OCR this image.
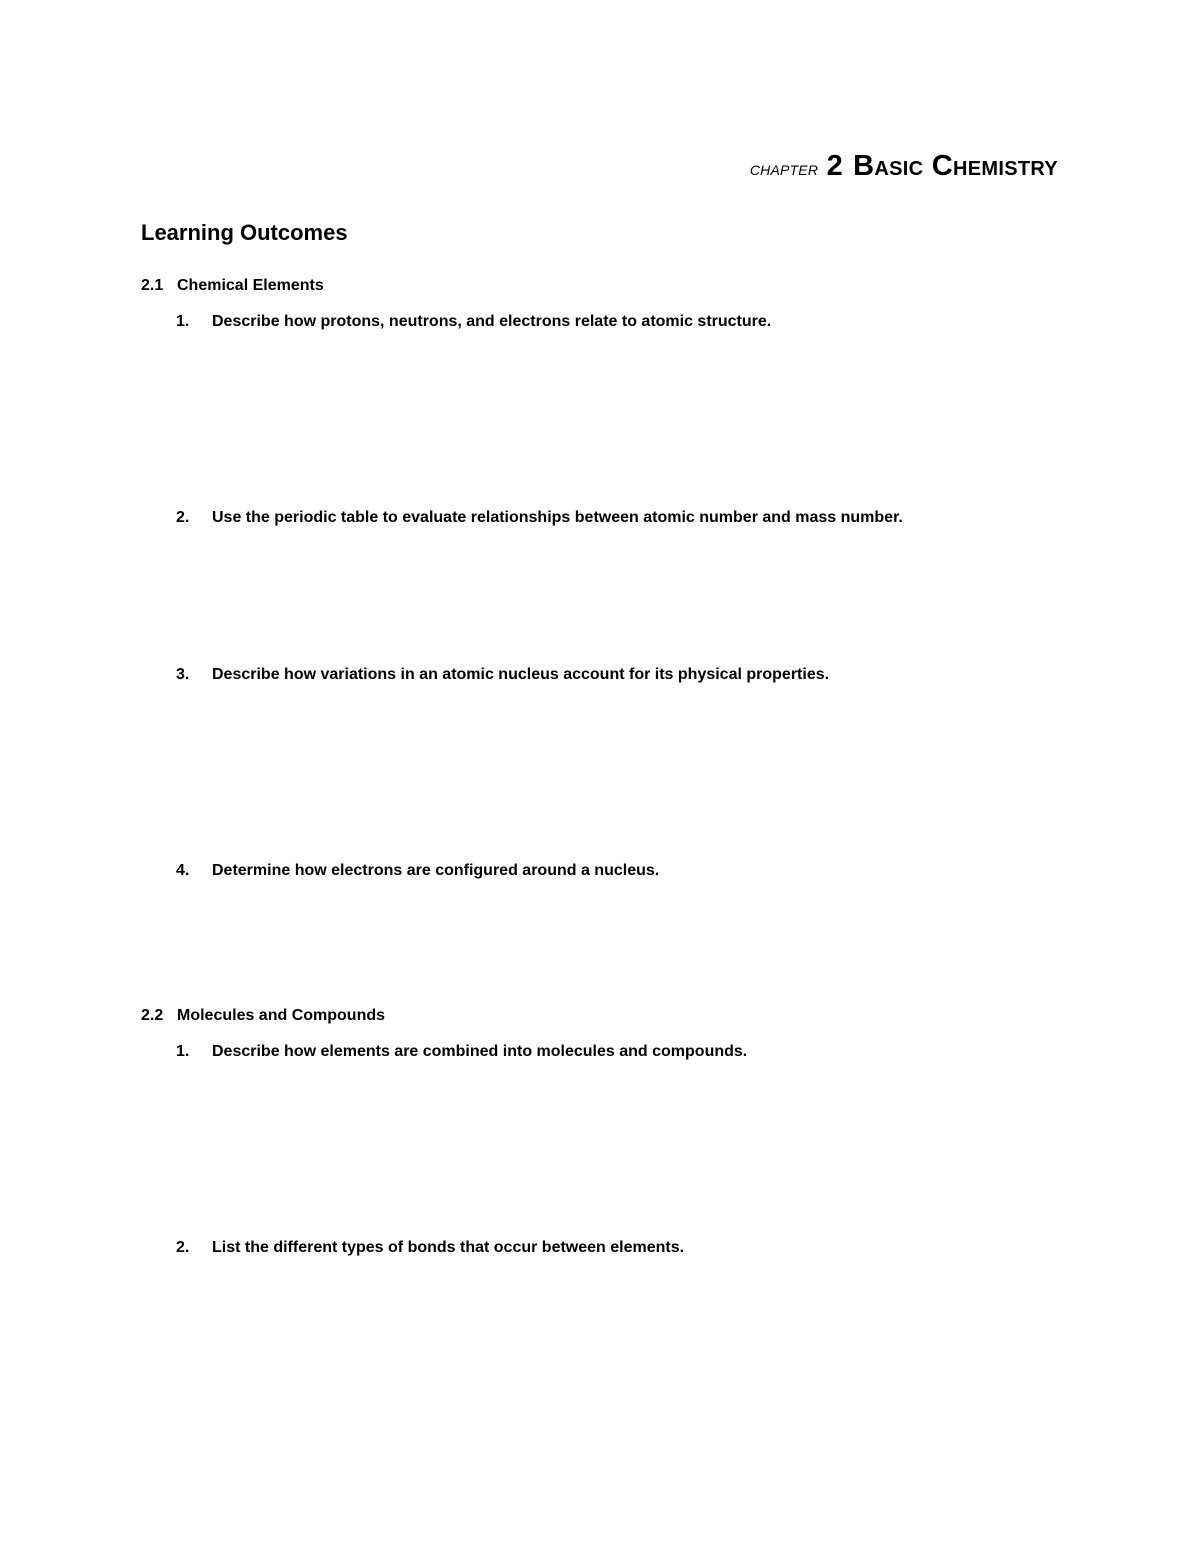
CHAPTER 2 Basic Chemistry
Learning Outcomes
2.1 Chemical Elements
1. Describe how protons, neutrons, and electrons relate to atomic structure.
2. Use the periodic table to evaluate relationships between atomic number and mass number.
3. Describe how variations in an atomic nucleus account for its physical properties.
4. Determine how electrons are configured around a nucleus.
2.2 Molecules and Compounds
1. Describe how elements are combined into molecules and compounds.
2. List the different types of bonds that occur between elements.
